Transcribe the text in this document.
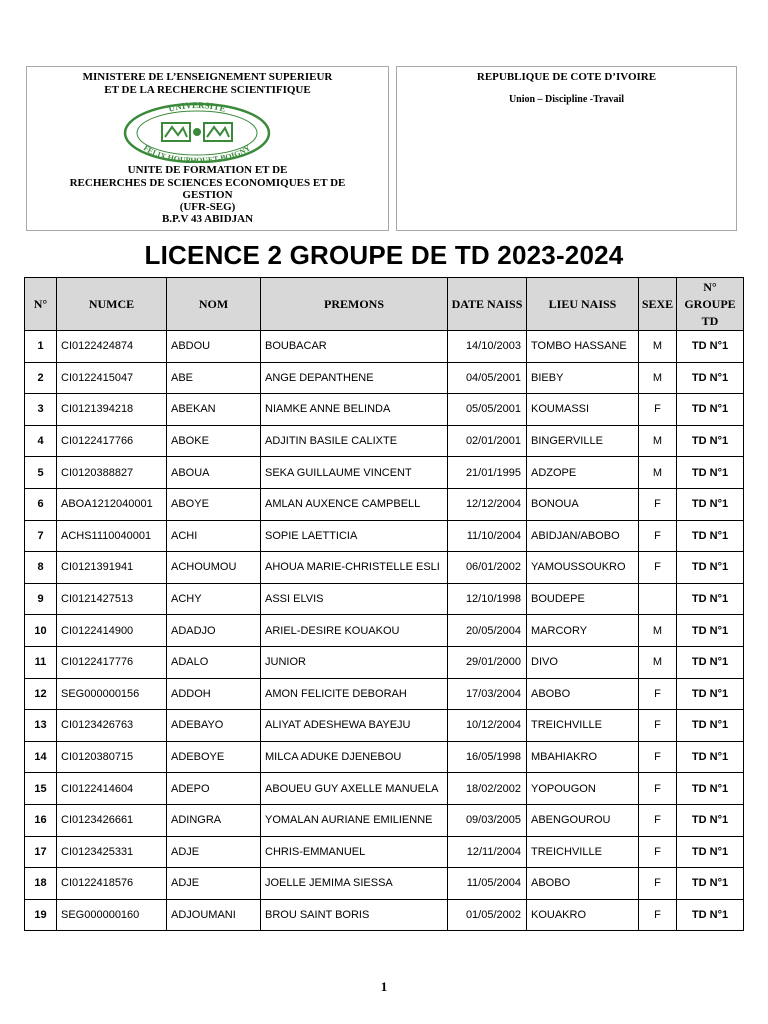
MINISTERE DE L’ENSEIGNEMENT SUPERIEUR
ET DE LA RECHERCHE SCIENTIFIQUE
UNIVERSITE
FELIX HOUPHOUET-BOIGNY
UNITE DE FORMATION ET DE
RECHERCHES DE SCIENCES ECONOMIQUES ET DE
GESTION
(UFR-SEG)
B.P.V 43 ABIDJAN
REPUBLIQUE DE COTE D’IVOIRE
Union – Discipline -Travail
LICENCE 2 GROUPE DE TD 2023-2024
N°	NUMCE	NOM	PREMONS	DATE NAISS	LIEU NAISS	SEXE	N° GROUPE TD
1	CI0122424874	ABDOU	BOUBACAR	14/10/2003	TOMBO HASSANE	M	TD N°1
2	CI0122415047	ABE	ANGE DEPANTHENE	04/05/2001	BIEBY	M	TD N°1
3	CI0121394218	ABEKAN	NIAMKE ANNE BELINDA	05/05/2001	KOUMASSI	F	TD N°1
4	CI0122417766	ABOKE	ADJITIN BASILE CALIXTE	02/01/2001	BINGERVILLE	M	TD N°1
5	CI0120388827	ABOUA	SEKA GUILLAUME VINCENT	21/01/1995	ADZOPE	M	TD N°1
6	ABOA1212040001	ABOYE	AMLAN AUXENCE CAMPBELL	12/12/2004	BONOUA	F	TD N°1
7	ACHS1110040001	ACHI	SOPIE LAETTICIA	11/10/2004	ABIDJAN/ABOBO	F	TD N°1
8	CI0121391941	ACHOUMOU	AHOUA MARIE-CHRISTELLE ESLI	06/01/2002	YAMOUSSOUKRO	F	TD N°1
9	CI0121427513	ACHY	ASSI ELVIS	12/10/1998	BOUDEPE		TD N°1
10	CI0122414900	ADADJO	ARIEL-DESIRE KOUAKOU	20/05/2004	MARCORY	M	TD N°1
11	CI0122417776	ADALO	JUNIOR	29/01/2000	DIVO	M	TD N°1
12	SEG000000156	ADDOH	AMON FELICITE DEBORAH	17/03/2004	ABOBO	F	TD N°1
13	CI0123426763	ADEBAYO	ALIYAT ADESHEWA BAYEJU	10/12/2004	TREICHVILLE	F	TD N°1
14	CI0120380715	ADEBOYE	MILCA ADUKE DJENEBOU	16/05/1998	MBAHIAKRO	F	TD N°1
15	CI0122414604	ADEPO	ABOUEU GUY AXELLE MANUELA	18/02/2002	YOPOUGON	F	TD N°1
16	CI0123426661	ADINGRA	YOMALAN AURIANE EMILIENNE	09/03/2005	ABENGOUROU	F	TD N°1
17	CI0123425331	ADJE	CHRIS-EMMANUEL	12/11/2004	TREICHVILLE	F	TD N°1
18	CI0122418576	ADJE	JOELLE JEMIMA SIESSA	11/05/2004	ABOBO	F	TD N°1
19	SEG000000160	ADJOUMANI	BROU SAINT BORIS	01/05/2002	KOUAKRO	F	TD N°1
1
